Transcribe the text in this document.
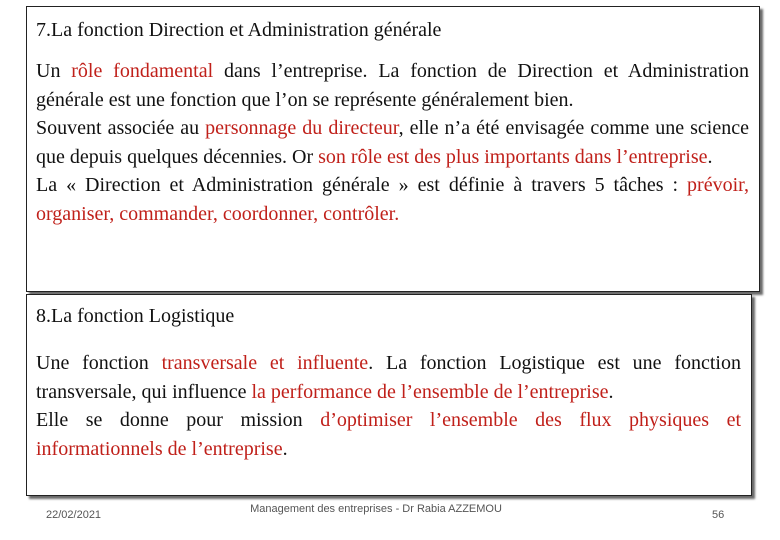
7.La fonction Direction et Administration générale

Un rôle fondamental dans l’entreprise. La fonction de Direction et Administration générale est une fonction que l’on se représente généralement bien.

Souvent associée au personnage du directeur, elle n’a été envisagée comme une science que depuis quelques décennies. Or son rôle est des plus importants dans l’entreprise.

La « Direction et Administration générale » est définie à travers 5 tâches : prévoir, organiser, commander, coordonner, contrôler.

8.La fonction Logistique

Une fonction transversale et influente. La fonction Logistique est une fonction transversale, qui influence la performance de l’ensemble de l’entreprise.

Elle se donne pour mission d’optimiser l’ensemble des flux physiques et informationnels de l’entreprise.

22/02/2021	Management des entreprises - Dr Rabia AZZEMOU	56
